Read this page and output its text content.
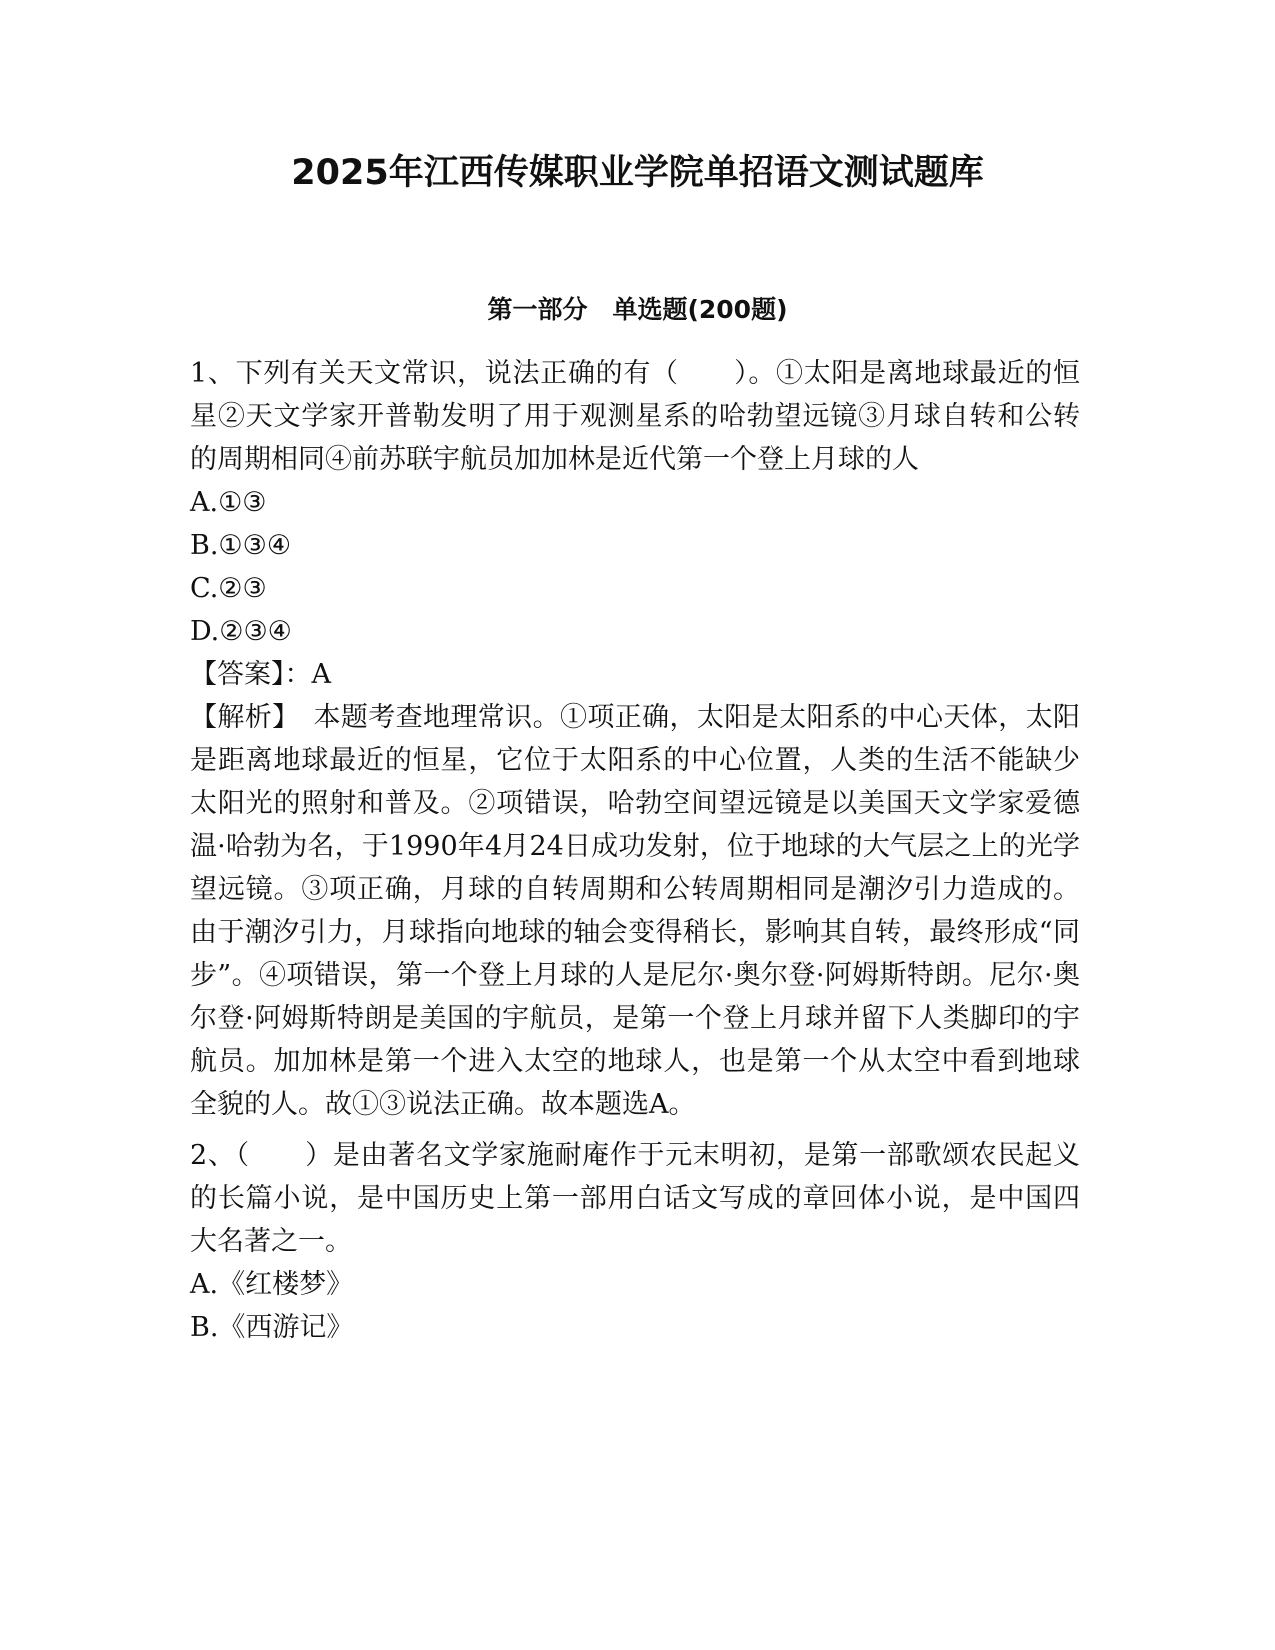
2025年江西传媒职业学院单招语文测试题库
第一部分　单选题(200题)

1、下列有关天文常识，说法正确的有（　　）。①太阳是离地球最近的恒星②天文学家开普勒发明了用于观测星系的哈勃望远镜③月球自转和公转的周期相同④前苏联宇航员加加林是近代第一个登上月球的人

A.①③

B.①③④

C.②③

D.②③④

【答案】：A

【解析】　本题考查地理常识。①项正确，太阳是太阳系的中心天体，太阳是距离地球最近的恒星，它位于太阳系的中心位置，人类的生活不能缺少太阳光的照射和普及。②项错误，哈勃空间望远镜是以美国天文学家爱德温·哈勃为名，于1990年4月24日成功发射，位于地球的大气层之上的光学望远镜。③项正确，月球的自转周期和公转周期相同是潮汐引力造成的。由于潮汐引力，月球指向地球的轴会变得稍长，影响其自转，最终形成“同步”。④项错误，第一个登上月球的人是尼尔·奥尔登·阿姆斯特朗。尼尔·奥尔登·阿姆斯特朗是美国的宇航员，是第一个登上月球并留下人类脚印的宇航员。加加林是第一个进入太空的地球人，也是第一个从太空中看到地球全貌的人。故①③说法正确。故本题选A。

2、（　　）是由著名文学家施耐庵作于元末明初，是第一部歌颂农民起义的长篇小说，是中国历史上第一部用白话文写成的章回体小说，是中国四大名著之一。

A.《红楼梦》

B.《西游记》
